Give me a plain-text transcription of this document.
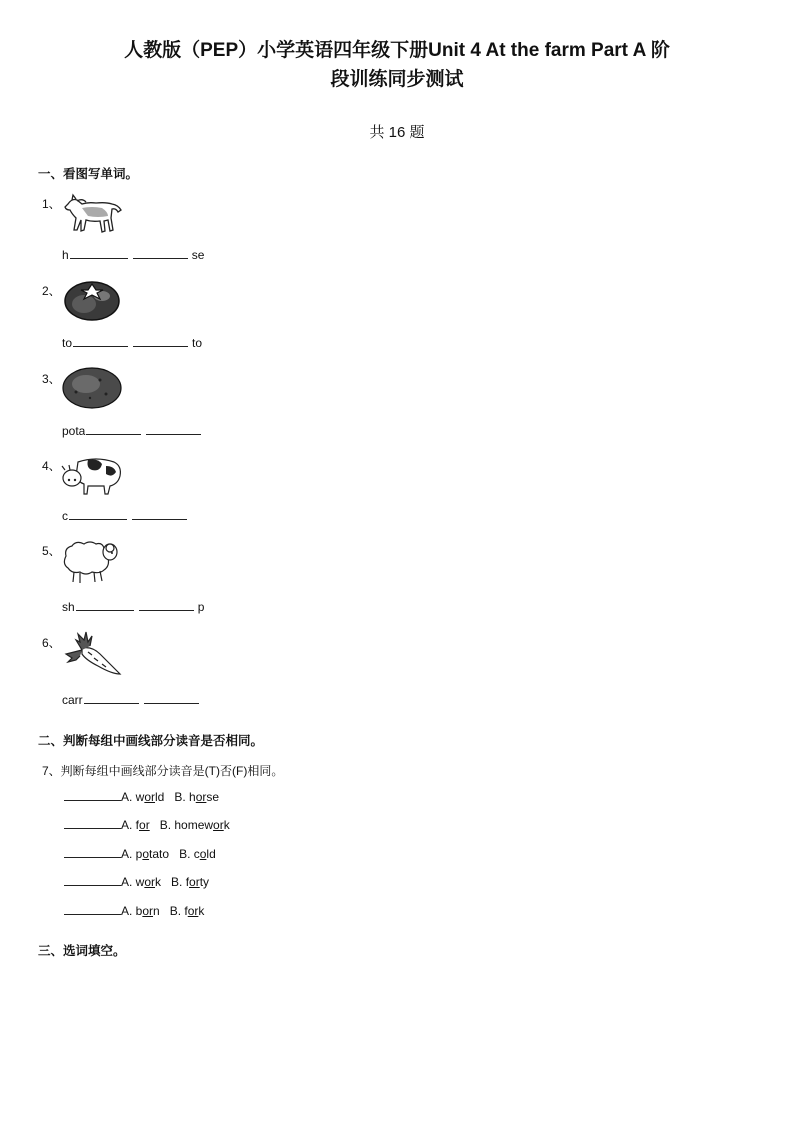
人教版（PEP）小学英语四年级下册Unit 4 At the farm Part A 阶
段训练同步测试
共 16 题
一、看图写单词。
1、
h	se
2、
to	to
3、
pota
4、
c
5、
sh	p
6、
carr
二、判断每组中画线部分读音是否相同。
7、判断每组中画线部分读音是(T)否(F)相同。
A. world B. horse
A. for B. homework
A. potato B. cold
A. work B. forty
A. born B. fork
三、选词填空。
